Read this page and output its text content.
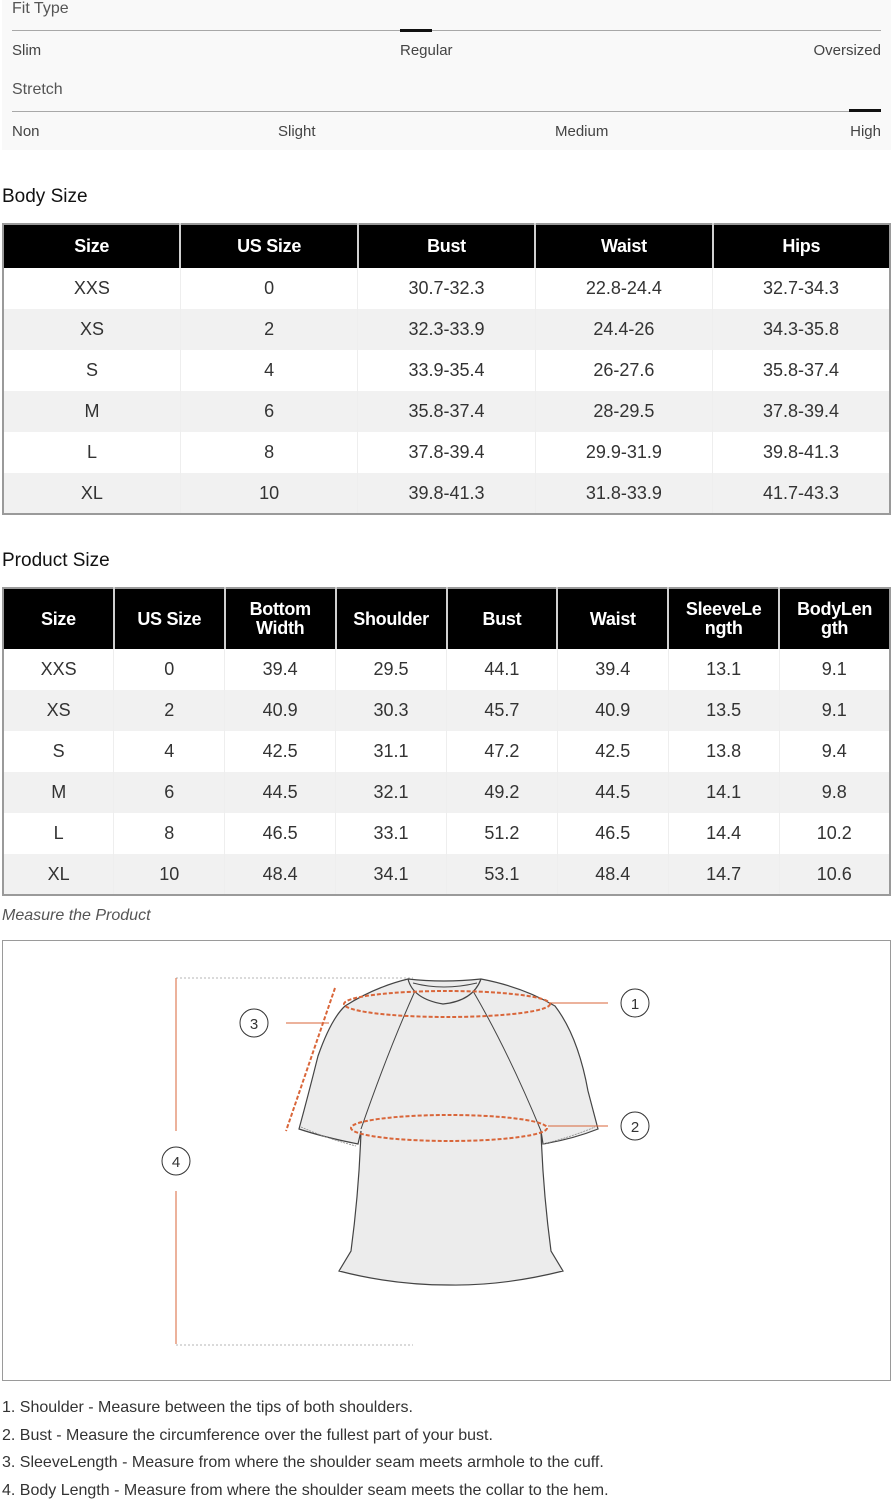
Fit Type
Slim	Regular	Oversized
Stretch
Non	Slight	Medium	High
Body Size
Size	US Size	Bust	Waist	Hips
XXS	0	30.7-32.3	22.8-24.4	32.7-34.3
XS	2	32.3-33.9	24.4-26	34.3-35.8
S	4	33.9-35.4	26-27.6	35.8-37.4
M	6	35.8-37.4	28-29.5	37.8-39.4
L	8	37.8-39.4	29.9-31.9	39.8-41.3
XL	10	39.8-41.3	31.8-33.9	41.7-43.3
Product Size
Size	US Size	Bottom Width	Shoulder	Bust	Waist	SleeveLe ngth	BodyLen gth
XXS	0	39.4	29.5	44.1	39.4	13.1	9.1
XS	2	40.9	30.3	45.7	40.9	13.5	9.1
S	4	42.5	31.1	47.2	42.5	13.8	9.4
M	6	44.5	32.1	49.2	44.5	14.1	9.8
L	8	46.5	33.1	51.2	46.5	14.4	10.2
XL	10	48.4	34.1	53.1	48.4	14.7	10.6
Measure the Product
1
2
3
4
1. Shoulder - Measure between the tips of both shoulders.
2. Bust - Measure the circumference over the fullest part of your bust.
3. SleeveLength - Measure from where the shoulder seam meets armhole to the cuff.
4. Body Length - Measure from where the shoulder seam meets the collar to the hem.
